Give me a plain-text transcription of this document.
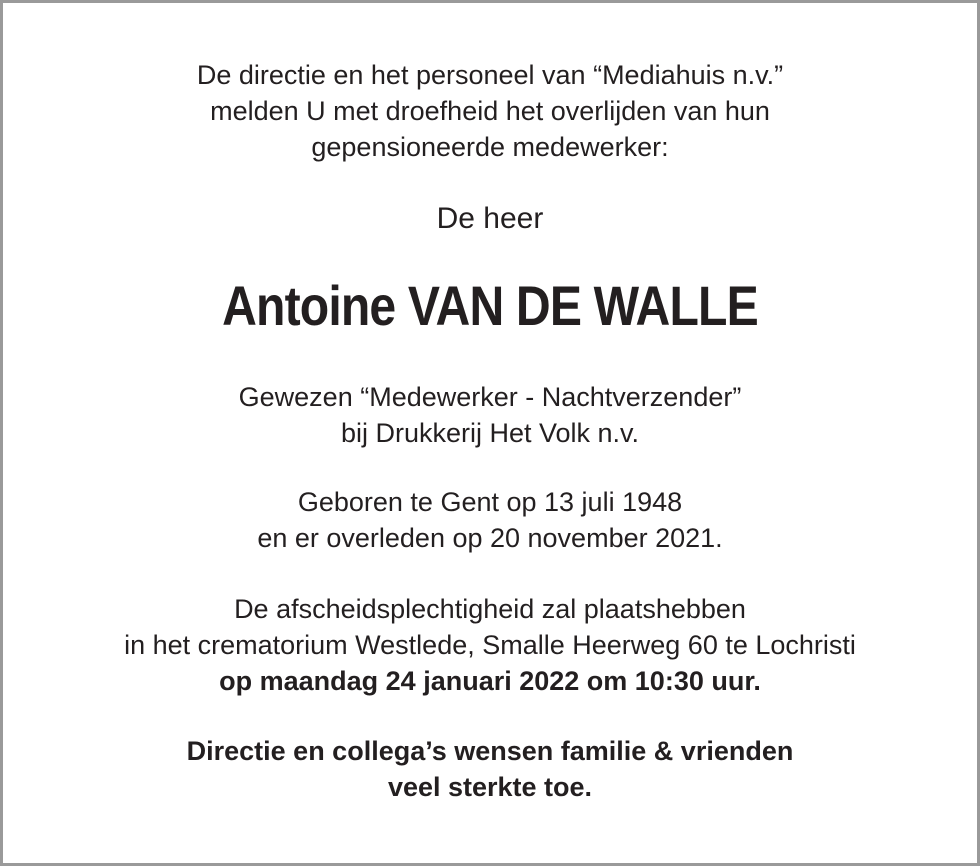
De directie en het personeel van “Mediahuis n.v.”
melden U met droefheid het overlijden van hun
gepensioneerde medewerker:
De heer
Antoine VAN DE WALLE
Gewezen “Medewerker - Nachtverzender”
bij Drukkerij Het Volk n.v.
Geboren te Gent op 13 juli 1948
en er overleden op 20 november 2021.
De afscheidsplechtigheid zal plaatshebben
in het crematorium Westlede, Smalle Heerweg 60 te Lochristi
op maandag 24 januari 2022 om 10:30 uur.
Directie en collega’s wensen familie & vrienden
veel sterkte toe.
